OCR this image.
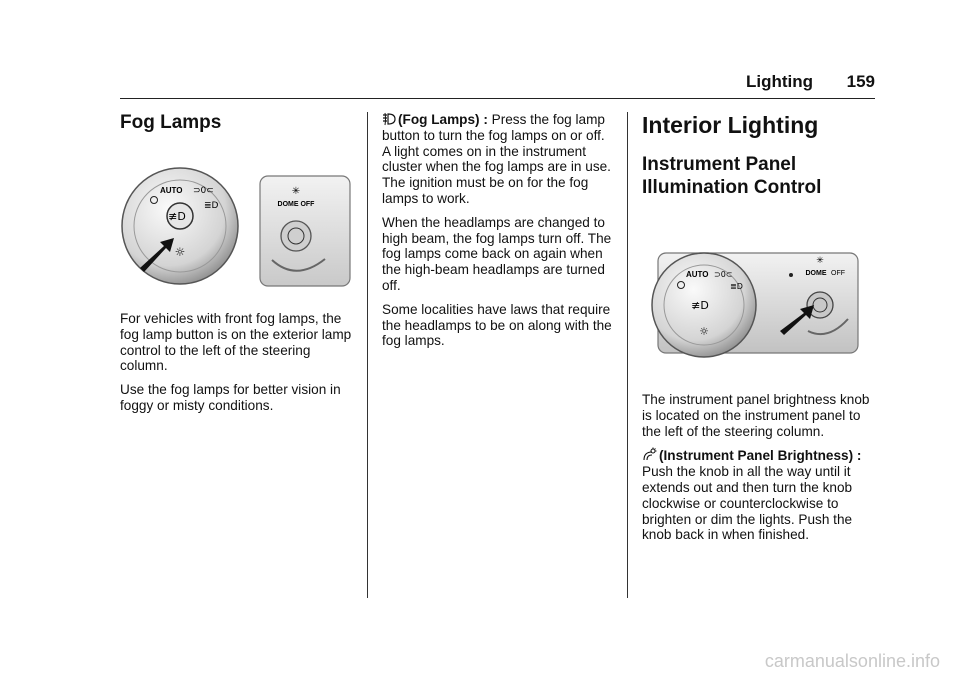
Lighting 159
Fog Lamps
≢D
AUTO ⊃0⊂
≣D
☼
✳
DOME OFF

For vehicles with front fog lamps, the fog lamp button is on the exterior lamp control to the left of the steering column.

Use the fog lamps for better vision in foggy or misty conditions.

(Fog Lamps) : Press the fog lamp button to turn the fog lamps on or off. A light comes on in the instrument cluster when the fog lamps are in use. The ignition must be on for the fog lamps to work.

When the headlamps are changed to high beam, the fog lamps turn off. The fog lamps come back on again when the high-beam headlamps are turned off.

Some localities have laws that require the headlamps to be on along with the fog lamps.

Interior Lighting
Instrument Panel Illumination Control
AUTO ⊃0⊂
≣D
≢D
☼
✳
DOME OFF

The instrument panel brightness knob is located on the instrument panel to the left of the steering column.

(Instrument Panel Brightness) : Push the knob in all the way until it extends out and then turn the knob clockwise or counterclockwise to brighten or dim the lights. Push the knob back in when finished.

carmanualsonline.info
